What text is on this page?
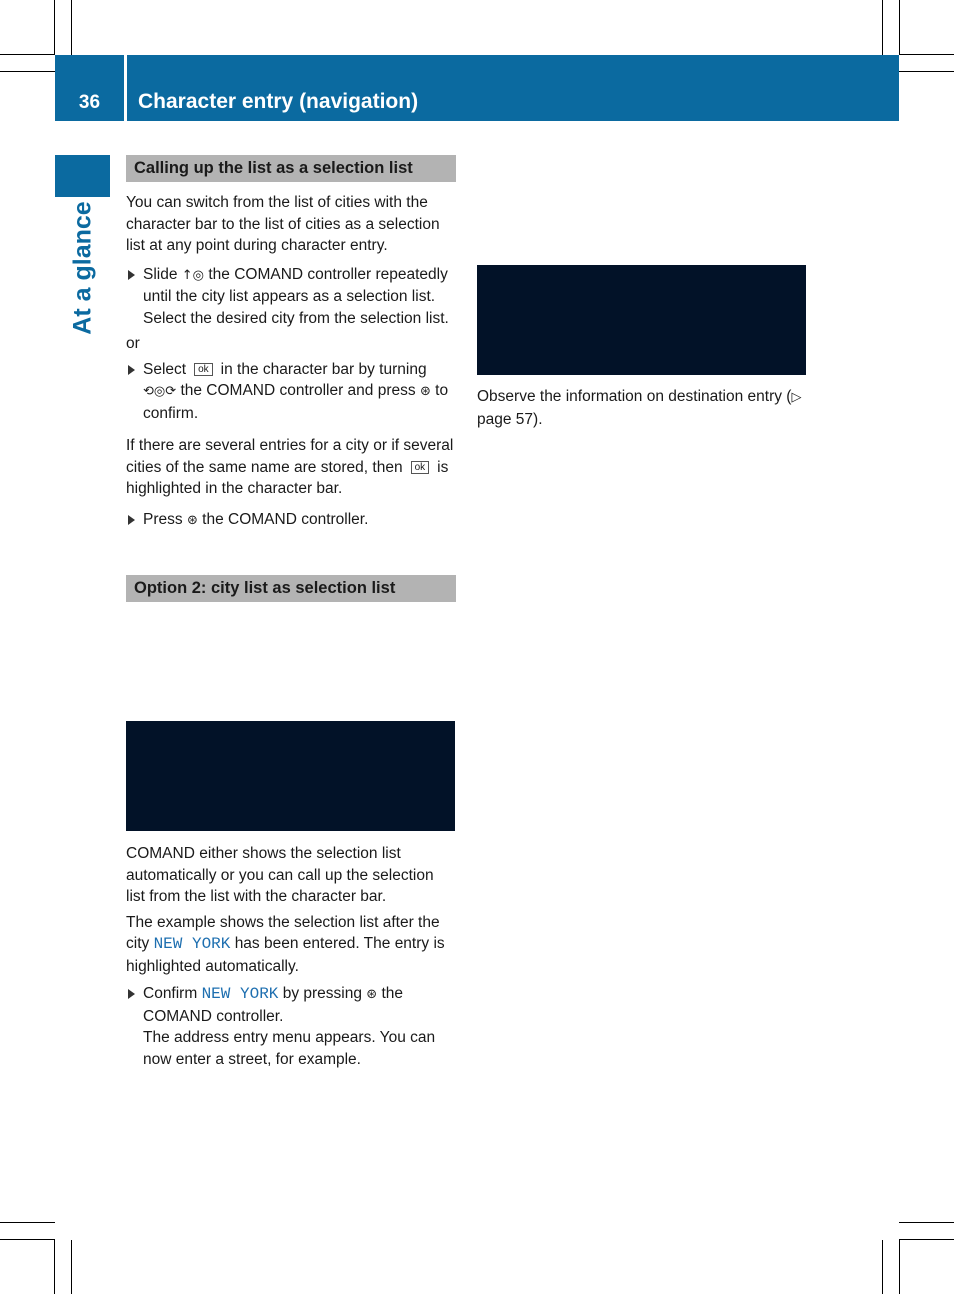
36	Character entry (navigation)
At a glance
Calling up the list as a selection list

You can switch from the list of cities with the character bar to the list of cities as a selection list at any point during character entry.

Slide ↑◎ the COMAND controller repeatedly until the city list appears as a selection list.
Select the desired city from the selection list.

or

Select ok in the character bar by turning ⟲◎⟳ the COMAND controller and press ⊛ to confirm.

If there are several entries for a city or if several cities of the same name are stored, then ok is highlighted in the character bar.

Press ⊛ the COMAND controller.
Option 2: city list as selection list

COMAND either shows the selection list automatically or you can call up the selection list from the list with the character bar.

The example shows the selection list after the city NEW YORK has been entered. The entry is highlighted automatically.

Confirm NEW YORK by pressing ⊛ the COMAND controller.
The address entry menu appears. You can now enter a street, for example.

Observe the information on destination entry (▷ page 57).
